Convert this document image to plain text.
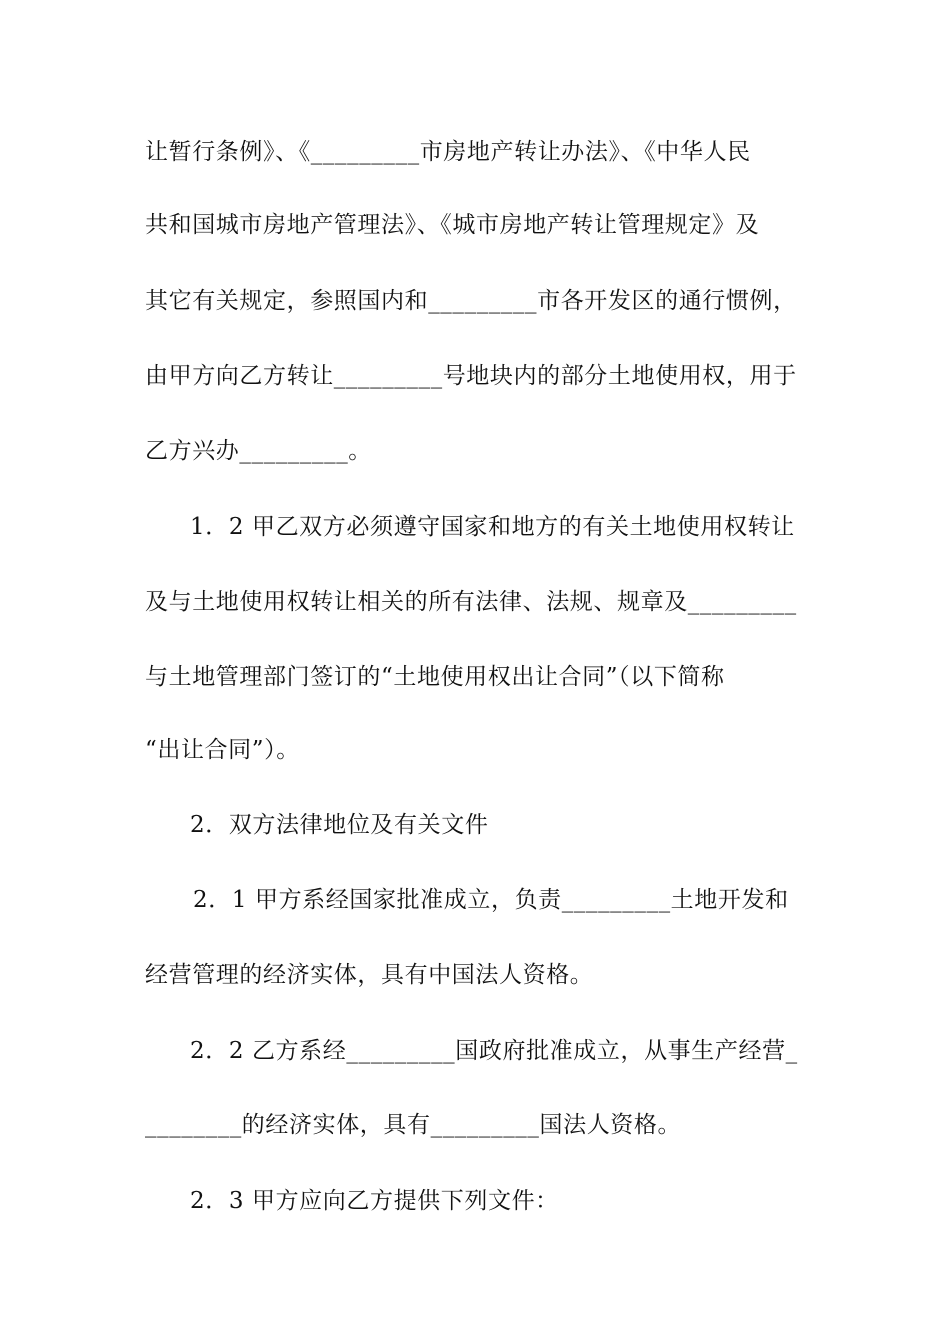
让暂行条例》、《_________市房地产转让办法》、《中华人民
共和国城市房地产管理法》、《城市房地产转让管理规定》及
其它有关规定，参照国内和_________市各开发区的通行惯例，
由甲方向乙方转让_________号地块内的部分土地使用权，用于
乙方兴办_________。
1．2 甲乙双方必须遵守国家和地方的有关土地使用权转让
及与土地使用权转让相关的所有法律、法规、规章及_________
与土地管理部门签订的“土地使用权出让合同”（以下简称
“出让合同”）。
2．双方法律地位及有关文件
2．1 甲方系经国家批准成立，负责_________土地开发和
经营管理的经济实体，具有中国法人资格。
2．2 乙方系经_________国政府批准成立，从事生产经营_
________的经济实体，具有_________国法人资格。
2．3 甲方应向乙方提供下列文件：
